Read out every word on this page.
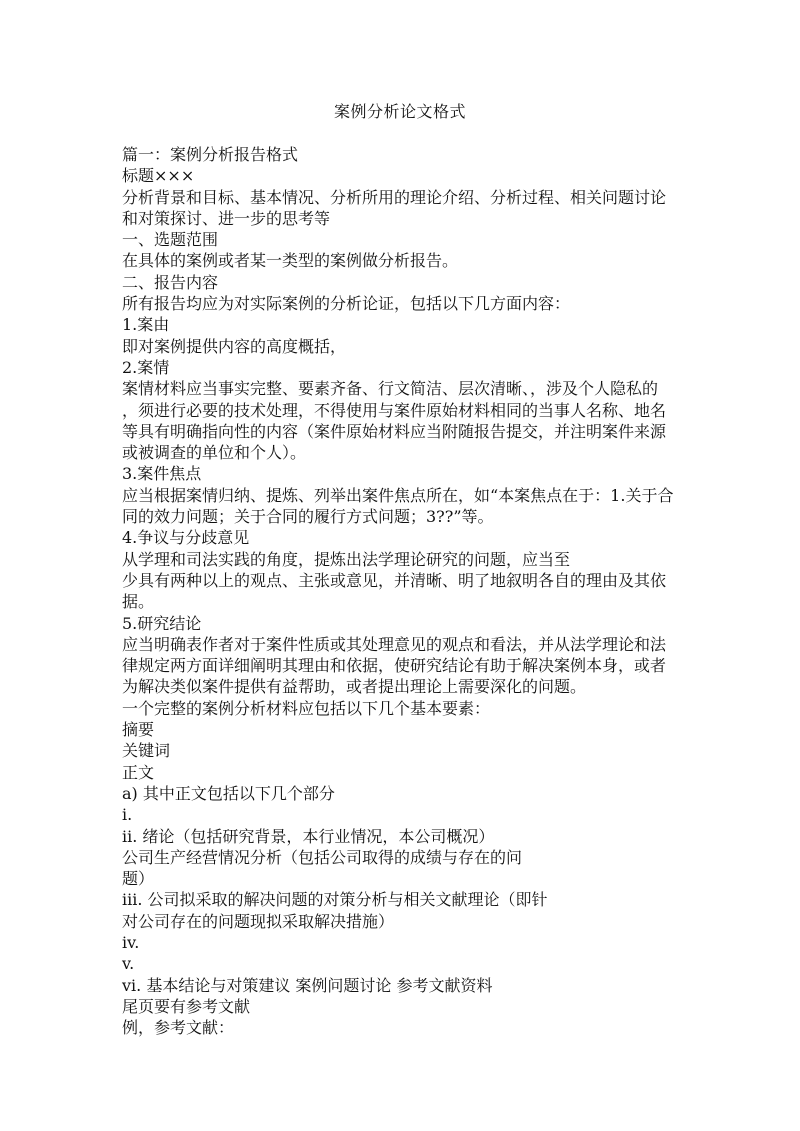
案例分析论文格式
篇一：案例分析报告格式
标题×××
分析背景和目标、基本情况、分析所用的理论介绍、分析过程、相关问题讨论
和对策探讨、进一步的思考等
一、选题范围
在具体的案例或者某一类型的案例做分析报告。
二、报告内容
所有报告均应为对实际案例的分析论证，包括以下几方面内容：
1.案由
即对案例提供内容的高度概括，
2.案情
案情材料应当事实完整、要素齐备、行文简洁、层次清晰、，涉及个人隐私的
，须进行必要的技术处理，不得使用与案件原始材料相同的当事人名称、地名
等具有明确指向性的内容（案件原始材料应当附随报告提交，并注明案件来源
或被调查的单位和个人）。
3.案件焦点
应当根据案情归纳、提炼、列举出案件焦点所在，如“本案焦点在于：1.关于合
同的效力问题；关于合同的履行方式问题；3??”等。
4.争议与分歧意见
从学理和司法实践的角度，提炼出法学理论研究的问题，应当至
少具有两种以上的观点、主张或意见，并清晰、明了地叙明各自的理由及其依
据。
5.研究结论
应当明确表作者对于案件性质或其处理意见的观点和看法，并从法学理论和法
律规定两方面详细阐明其理由和依据，使研究结论有助于解决案例本身，或者
为解决类似案件提供有益帮助，或者提出理论上需要深化的问题。
一个完整的案例分析材料应包括以下几个基本要素：
摘要
关键词
正文
a) 其中正文包括以下几个部分
i.
ii. 绪论（包括研究背景，本行业情况，本公司概况）
公司生产经营情况分析（包括公司取得的成绩与存在的问
题）
iii. 公司拟采取的解决问题的对策分析与相关文献理论（即针
对公司存在的问题现拟采取解决措施）
iv.
v.
vi. 基本结论与对策建议 案例问题讨论 参考文献资料
尾页要有参考文献
例，参考文献：
